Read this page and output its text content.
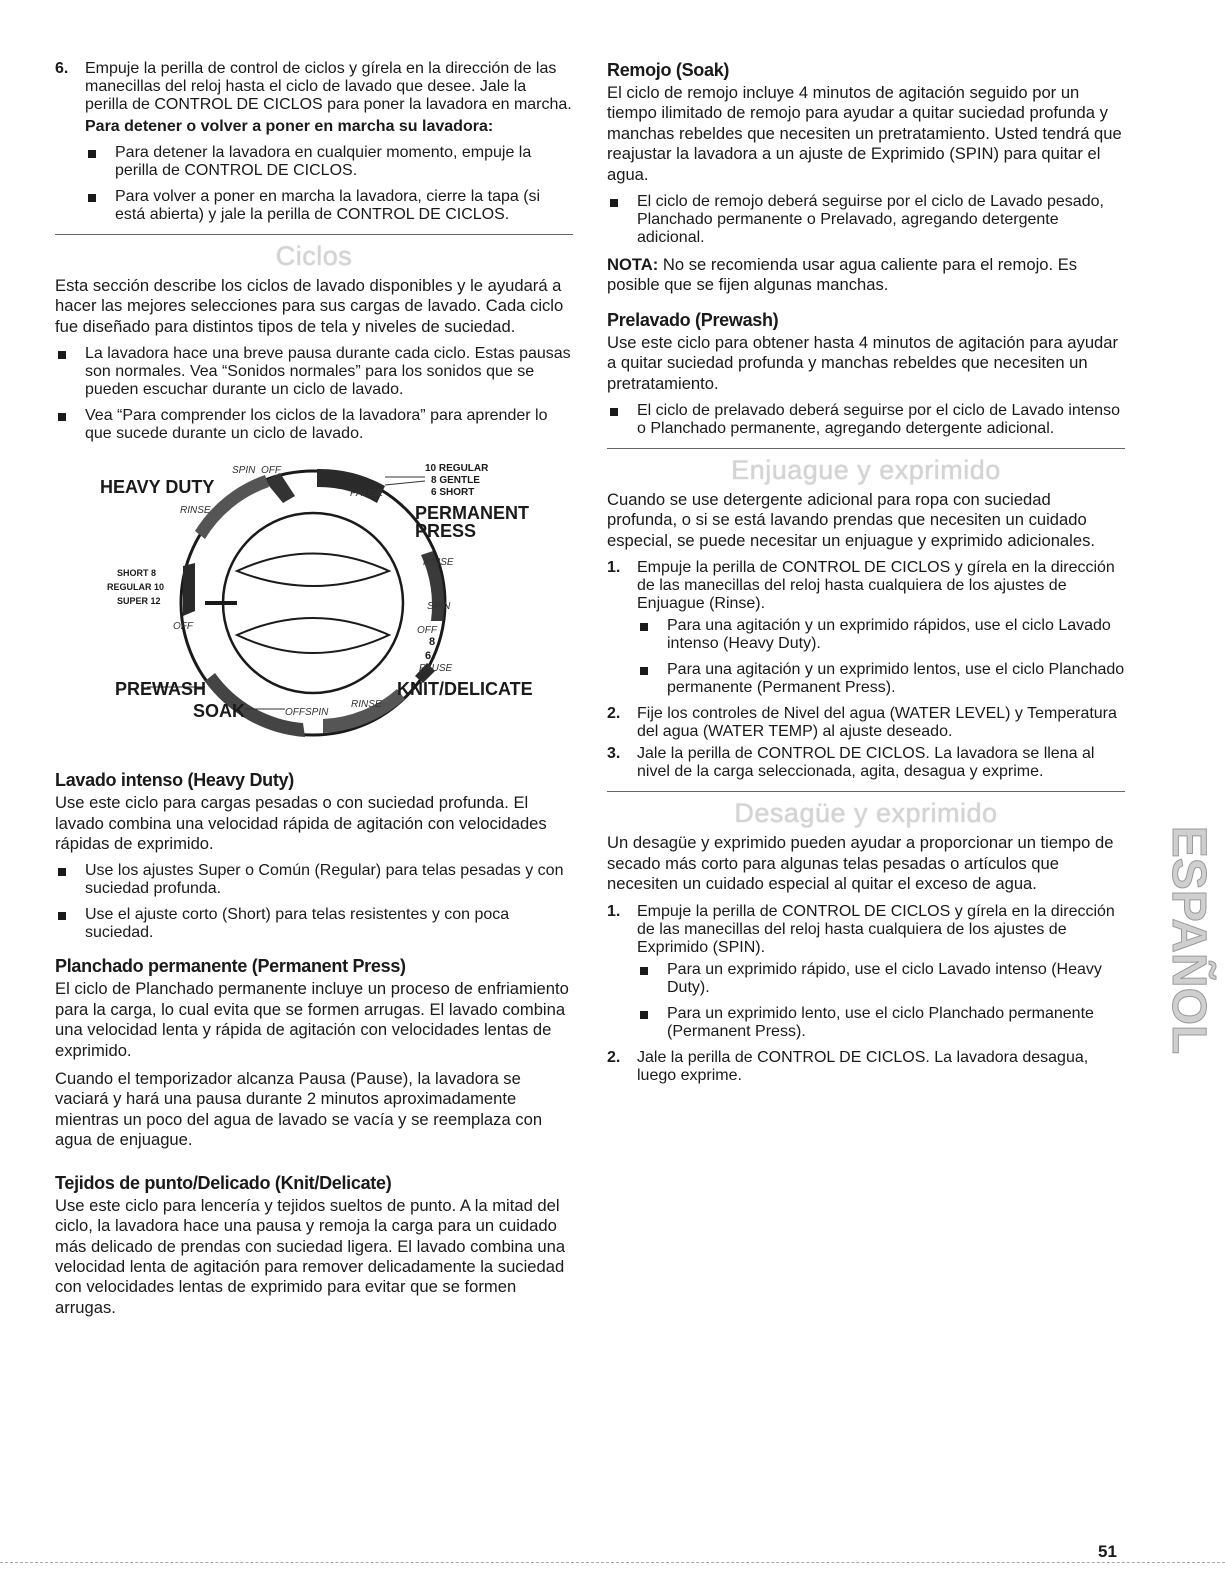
6. Empuje la perilla de control de ciclos y gírela en la dirección de las manecillas del reloj hasta el ciclo de lavado que desee. Jale la perilla de CONTROL DE CICLOS para poner la lavadora en marcha.
Para detener o volver a poner en marcha su lavadora:
Para detener la lavadora en cualquier momento, empuje la perilla de CONTROL DE CICLOS.
Para volver a poner en marcha la lavadora, cierre la tapa (si está abierta) y jale la perilla de CONTROL DE CICLOS.
Ciclos

Esta sección describe los ciclos de lavado disponibles y le ayudará a hacer las mejores selecciones para sus cargas de lavado. Cada ciclo fue diseñado para distintos tipos de tela y niveles de suciedad.

La lavadora hace una breve pausa durante cada ciclo. Estas pausas son normales. Vea “Sonidos normales” para los sonidos que se pueden escuchar durante un ciclo de lavado.
Vea “Para comprender los ciclos de la lavadora” para aprender lo que sucede durante un ciclo de lavado.
HEAVY DUTY
SPIN OFF
RINSE
PAUSE
10 REGULAR
8 GENTLE
6 SHORT
PERMANENT
PRESS
RINSE
SHORT 8
REGULAR 10
SUPER 12
OFF
SPIN
OFF
8
6
PAUSE
PREWASH
SOAK	OFF SPIN
RINSE
KNIT/DELICATE
Lavado intenso (Heavy Duty)

Use este ciclo para cargas pesadas o con suciedad profunda. El lavado combina una velocidad rápida de agitación con velocidades rápidas de exprimido.

Use los ajustes Super o Común (Regular) para telas pesadas y con suciedad profunda.
Use el ajuste corto (Short) para telas resistentes y con poca suciedad.
Planchado permanente (Permanent Press)

El ciclo de Planchado permanente incluye un proceso de enfriamiento para la carga, lo cual evita que se formen arrugas. El lavado combina una velocidad lenta y rápida de agitación con velocidades lentas de exprimido.

Cuando el temporizador alcanza Pausa (Pause), la lavadora se vaciará y hará una pausa durante 2 minutos aproximadamente mientras un poco del agua de lavado se vacía y se reemplaza con agua de enjuague.

Tejidos de punto/Delicado (Knit/Delicate)

Use este ciclo para lencería y tejidos sueltos de punto. A la mitad del ciclo, la lavadora hace una pausa y remoja la carga para un cuidado más delicado de prendas con suciedad ligera. El lavado combina una velocidad lenta de agitación para remover delicadamente la suciedad con velocidades lentas de exprimido para evitar que se formen arrugas.

Remojo (Soak)

El ciclo de remojo incluye 4 minutos de agitación seguido por un tiempo ilimitado de remojo para ayudar a quitar suciedad profunda y manchas rebeldes que necesiten un pretratamiento. Usted tendrá que reajustar la lavadora a un ajuste de Exprimido (SPIN) para quitar el agua.

El ciclo de remojo deberá seguirse por el ciclo de Lavado pesado, Planchado permanente o Prelavado, agregando detergente adicional.

NOTA: No se recomienda usar agua caliente para el remojo. Es posible que se fijen algunas manchas.

Prelavado (Prewash)

Use este ciclo para obtener hasta 4 minutos de agitación para ayudar a quitar suciedad profunda y manchas rebeldes que necesiten un pretratamiento.

El ciclo de prelavado deberá seguirse por el ciclo de Lavado intenso o Planchado permanente, agregando detergente adicional.
Enjuague y exprimido

Cuando se use detergente adicional para ropa con suciedad profunda, o si se está lavando prendas que necesiten un cuidado especial, se puede necesitar un enjuague y exprimido adicionales.

1. Empuje la perilla de CONTROL DE CICLOS y gírela en la dirección de las manecillas del reloj hasta cualquiera de los ajustes de Enjuague (Rinse).
Para una agitación y un exprimido rápidos, use el ciclo Lavado intenso (Heavy Duty).
Para una agitación y un exprimido lentos, use el ciclo Planchado permanente (Permanent Press).
2. Fije los controles de Nivel del agua (WATER LEVEL) y Temperatura del agua (WATER TEMP) al ajuste deseado.
3. Jale la perilla de CONTROL DE CICLOS. La lavadora se llena al nivel de la carga seleccionada, agita, desagua y exprime.
Desagüe y exprimido

Un desagüe y exprimido pueden ayudar a proporcionar un tiempo de secado más corto para algunas telas pesadas o artículos que necesiten un cuidado especial al quitar el exceso de agua.

1. Empuje la perilla de CONTROL DE CICLOS y gírela en la dirección de las manecillas del reloj hasta cualquiera de los ajustes de Exprimido (SPIN).
Para un exprimido rápido, use el ciclo Lavado intenso (Heavy Duty).
Para un exprimido lento, use el ciclo Planchado permanente (Permanent Press).
2. Jale la perilla de CONTROL DE CICLOS. La lavadora desagua, luego exprime.
ESPAÑOL
51
